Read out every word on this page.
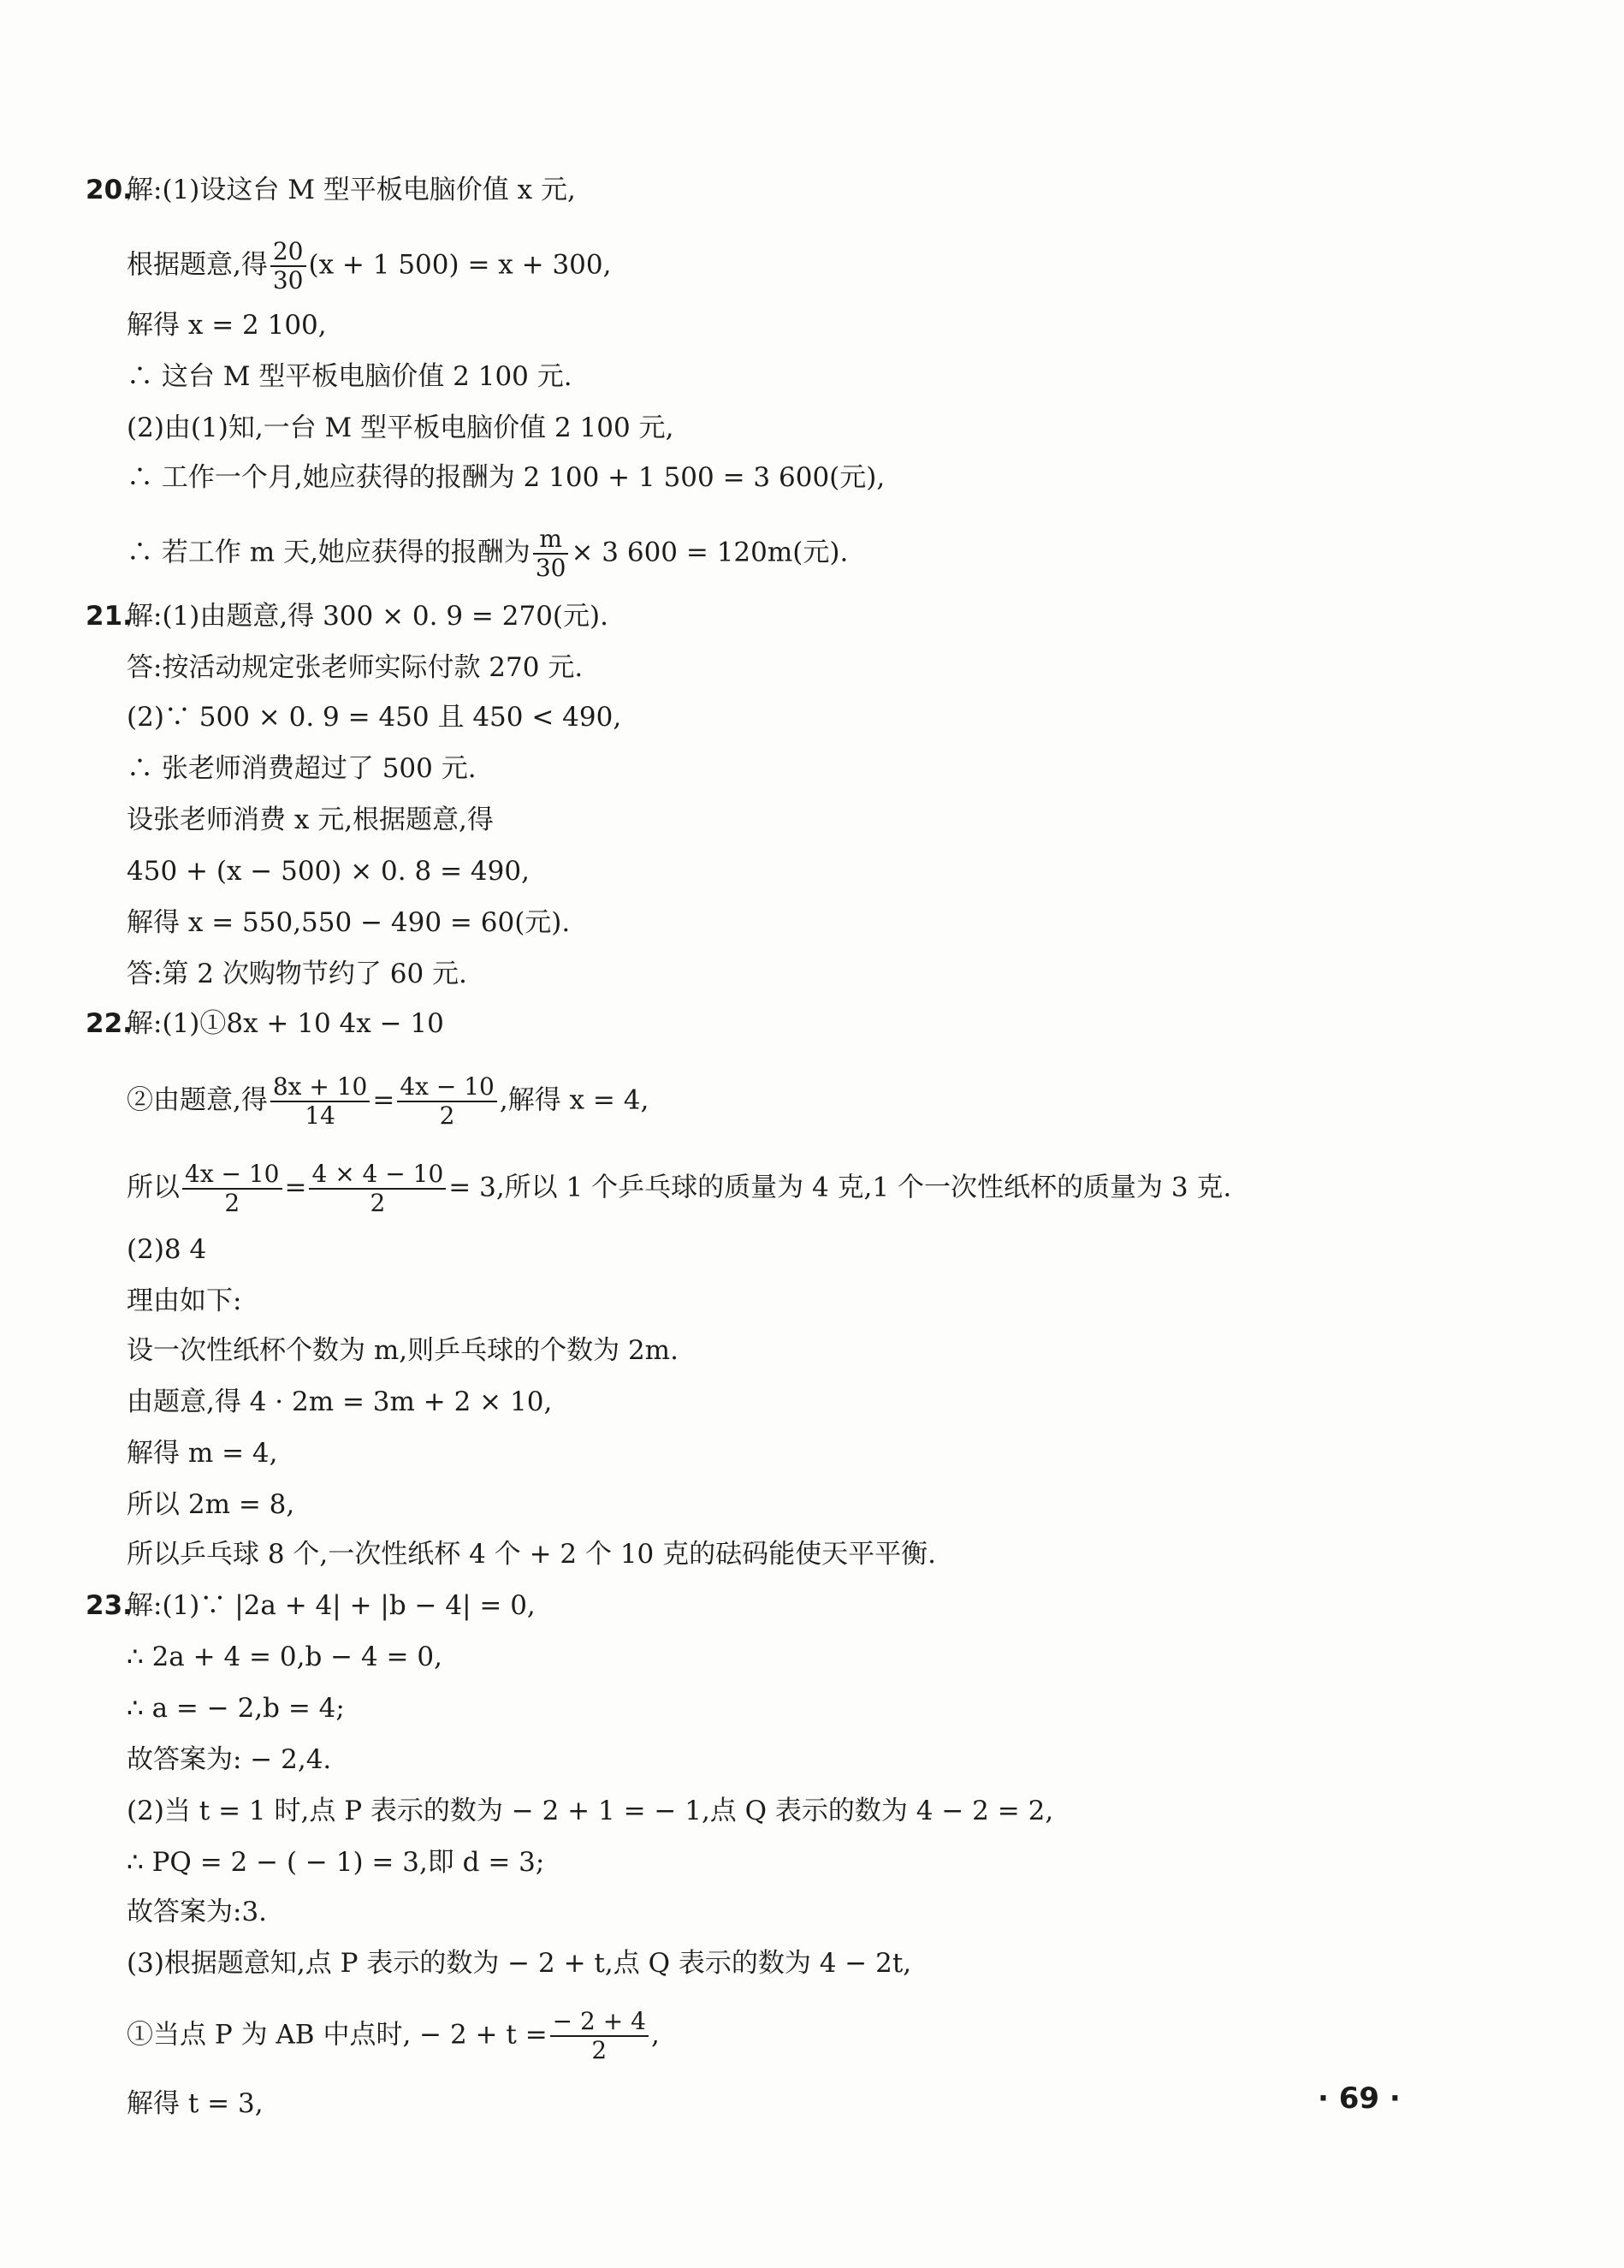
20.
解:(1)设这台 M 型平板电脑价值 x 元,
根据题意,得 $\frac{20}{30} (x + 1$ 500) = x + 300,
解得 x = 2 100,
∴ 这台 M 型平板电脑价值 2 100 元.
(2)由(1)知,一台 M 型平板电脑价值 2 100 元,
∴ 工作一个月,她应获得的报酬为 2 100 + 1 500 = 3 600(元),
∴ 若工作 m 天,她应获得的报酬为 $\frac{m}{30} \times 3$ 600 = 120m(元).
21.
解:(1)由题意,得 300 × 0. 9 = 270(元).
答:按活动规定张老师实际付款 270 元.
(2)∵ 500 × 0. 9 = 450 且 450 < 490,
∴ 张老师消费超过了 500 元.
设张老师消费 x 元,根据题意,得
450 + (x − 500) × 0. 8 = 490,
解得 x = 550,550 − 490 = 60(元).
答:第 2 次购物节约了 60 元.
22.
解:(1)①8x + 10 4x − 10
②由题意,得 $\frac{8x + 10}{14} = \frac{4x - 10}{2}$ ,解得 x = 4,
所以 $\frac{4x - 10}{2} = \frac{4 \times 4 - 10}{2} = 3$,所以 1 个乒乓球的质量为 4 克,1 个一次性纸杯的质量为 3 克.
(2)8 4
理由如下:
设一次性纸杯个数为 m,则乒乓球的个数为 2m.
由题意,得 4 · 2m = 3m + 2 × 10,
解得 m = 4,
所以 2m = 8,
所以乒乓球 8 个,一次性纸杯 4 个 + 2 个 10 克的砝码能使天平平衡.
23.
解:(1)∵ |2a + 4| + |b − 4| = 0,
∴ 2a + 4 = 0,b − 4 = 0,
∴ a = − 2,b = 4;
故答案为: − 2,4.
(2)当 t = 1 时,点 P 表示的数为 − 2 + 1 = − 1,点 Q 表示的数为 4 − 2 = 2,
∴ PQ = 2 − ( − 1) = 3,即 d = 3;
故答案为:3.
(3)根据题意知,点 P 表示的数为 − 2 + t,点 Q 表示的数为 4 − 2t,
①当点 P 为 AB 中点时, − $2 + t = \frac{- 2 + 4}{2}$ ,
解得 t = 3,	· 69 ·
